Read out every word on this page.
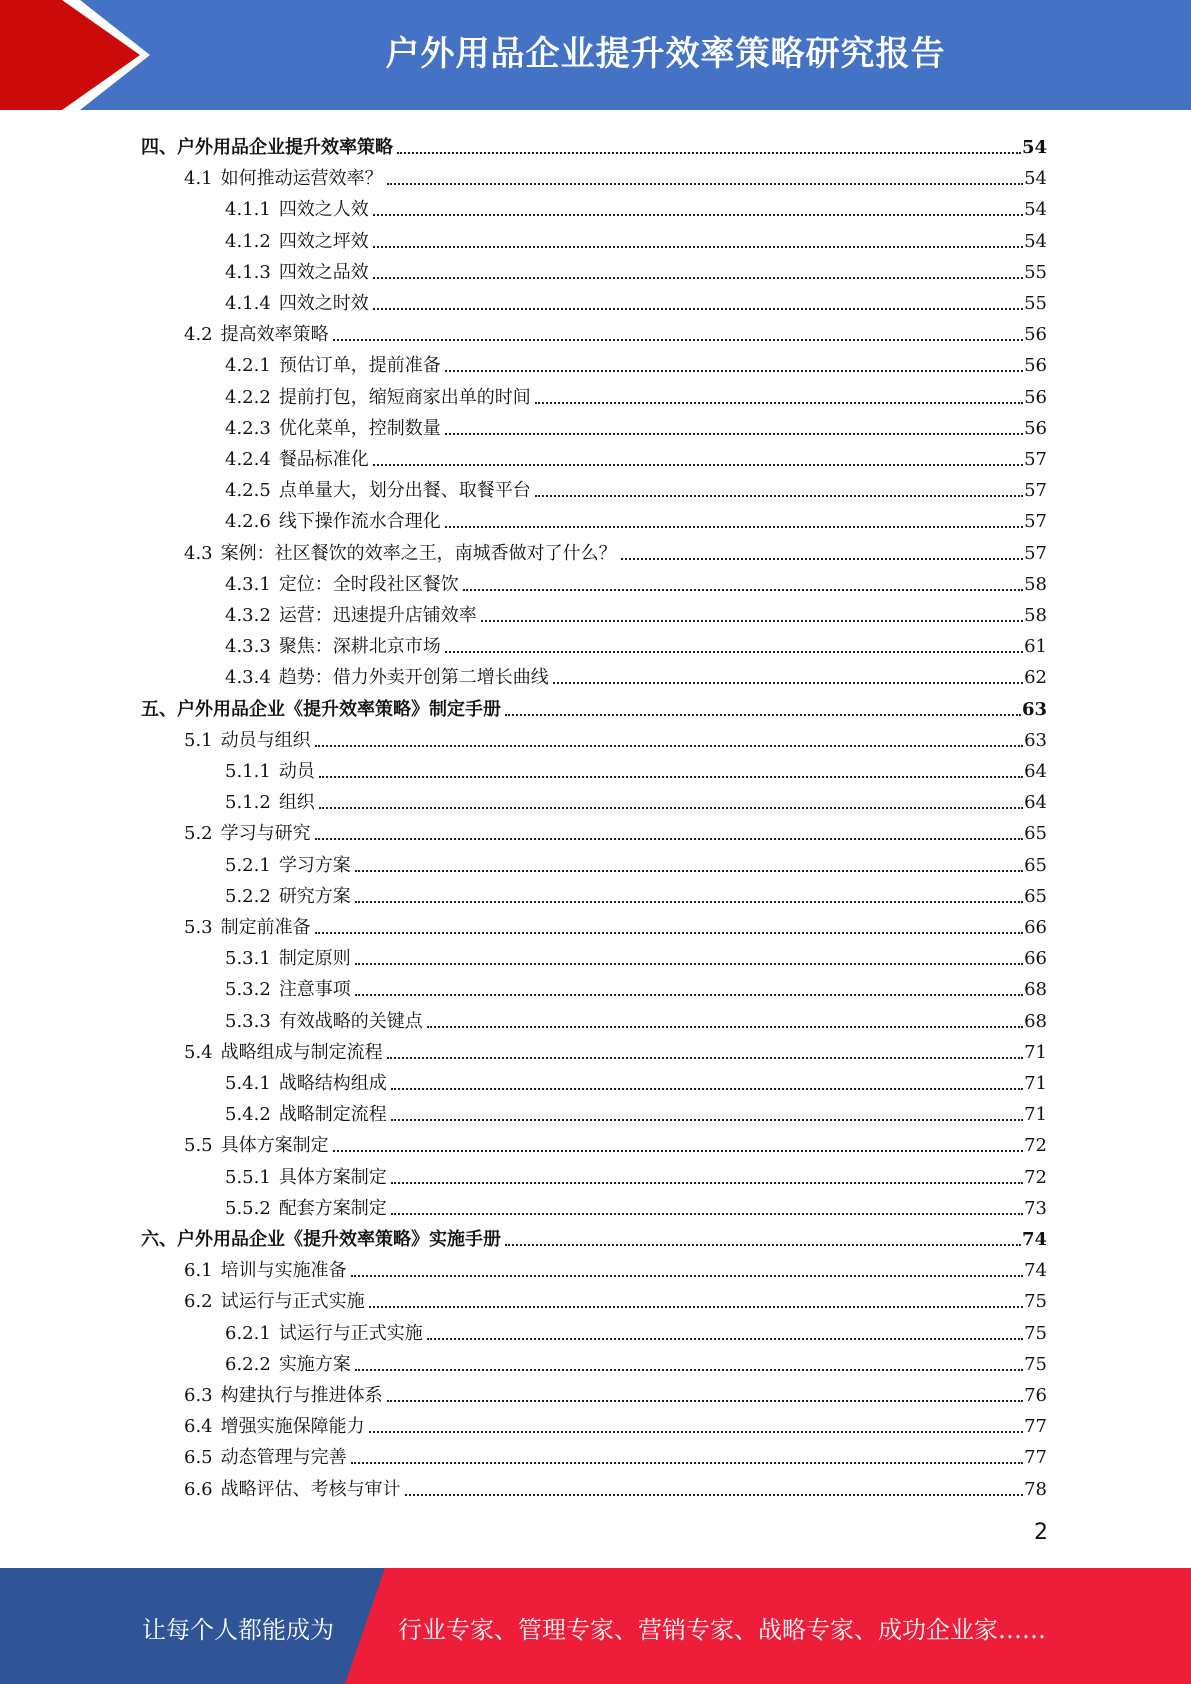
户外用品企业提升效率策略研究报告
四、 户外用品企业提升效率策略	54
4.1 如何推动运营效率？	54
4.1.1 四效之人效	54
4.1.2 四效之坪效	54
4.1.3 四效之品效	55
4.1.4 四效之时效	55
4.2 提高效率策略	56
4.2.1 预估订单，提前准备	56
4.2.2 提前打包，缩短商家出单的时间	56
4.2.3 优化菜单，控制数量	56
4.2.4 餐品标准化	57
4.2.5 点单量大，划分出餐、取餐平台	57
4.2.6 线下操作流水合理化	57
4.3 案例：社区餐饮的效率之王，南城香做对了什么？	57
4.3.1 定位：全时段社区餐饮	58
4.3.2 运营：迅速提升店铺效率	58
4.3.3 聚焦：深耕北京市场	61
4.3.4 趋势：借力外卖开创第二增长曲线	62
五、 户外用品企业《提升效率策略》制定手册	63
5.1 动员与组织	63
5.1.1 动员	64
5.1.2 组织	64
5.2 学习与研究	65
5.2.1 学习方案	65
5.2.2 研究方案	65
5.3 制定前准备	66
5.3.1 制定原则	66
5.3.2 注意事项	68
5.3.3 有效战略的关键点	68
5.4 战略组成与制定流程	71
5.4.1 战略结构组成	71
5.4.2 战略制定流程	71
5.5 具体方案制定	72
5.5.1 具体方案制定	72
5.5.2 配套方案制定	73
六、 户外用品企业《提升效率策略》实施手册	74
6.1 培训与实施准备	74
6.2 试运行与正式实施	75
6.2.1 试运行与正式实施	75
6.2.2 实施方案	75
6.3 构建执行与推进体系	76
6.4 增强实施保障能力	77
6.5 动态管理与完善	77
6.6 战略评估、考核与审计	78
2
让每个人都能成为	行业专家、管理专家、营销专家、战略专家、成功企业家……
